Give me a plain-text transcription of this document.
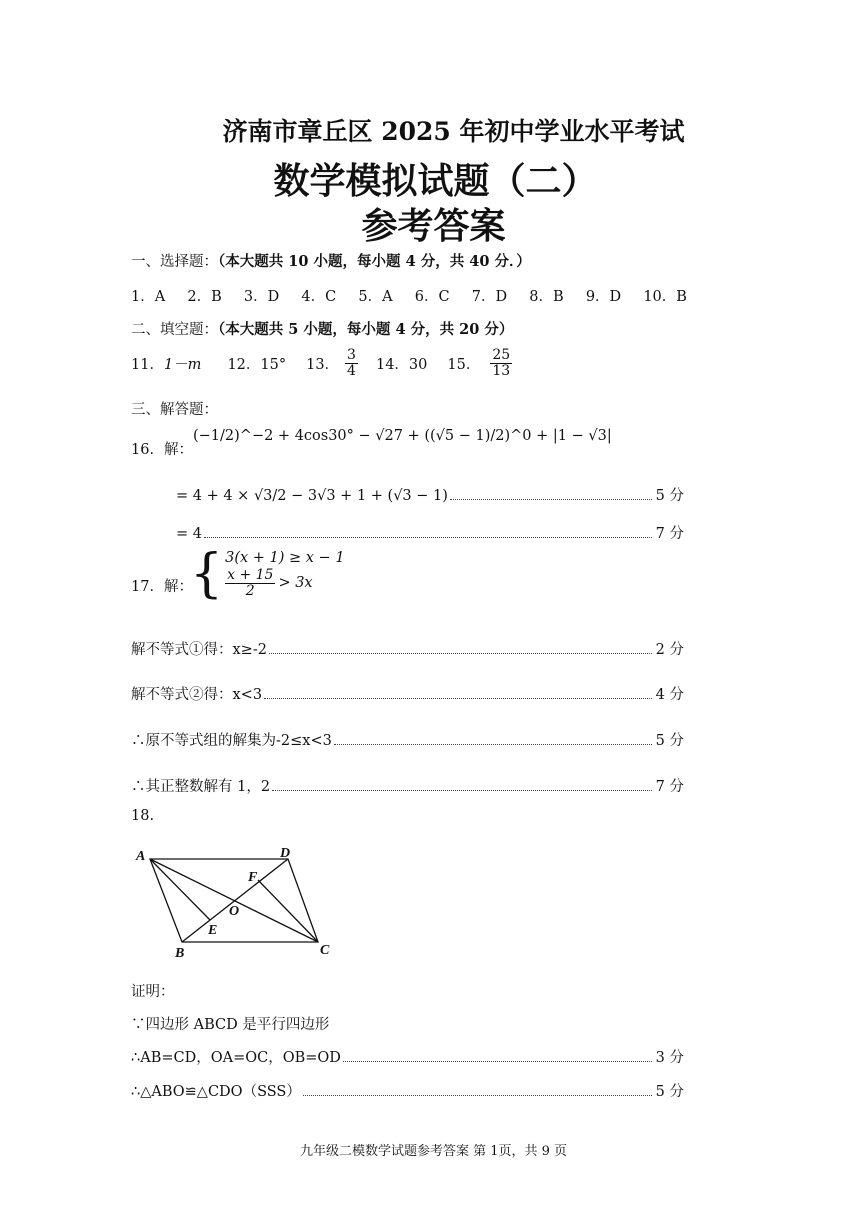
济南市章丘区 2025 年初中学业水平考试
数学模拟试题（二）
参考答案
一、选择题：（本大题共 10 小题，每小题 4 分，共 40 分．）
1．A 2．B 3．D 4．C 5．A 6．C 7．D 8．B 9．D 10．B
二、填空题：（本大题共 5 小题，每小题 4 分，共 20 分）
11． 1－m 12．15° 13． $\frac{3}{4} 14$．30 15． $\frac{25}{13}$
三、解答题：
16．解：
(−1/2)^−2 + 4cos30° − √27 + ((√5 − 1)/2)^0 + |1 − √3|
= 4 + 4 × √3/2 − 3√3 + 1 + (√3 − 1)	5 分
= 4	7 分
17．解：
{ 3(x + 1) ≥ x − 1
$\frac{x + 15}{2} > 3x$
解不等式①得：x≥-2	2 分
解不等式②得：x<3	4 分
∴原不等式组的解集为-2≤x<3	5 分
∴其正整数解有 1，2	7 分
18.
A	D
B	C
F
O
E
证明：
∵四边形 ABCD 是平行四边形
∴AB=CD，OA=OC，OB=OD	3 分
∴△ABO≌△CDO（SSS）	5 分
九年级二模数学试题参考答案 第 1页，共 9 页
